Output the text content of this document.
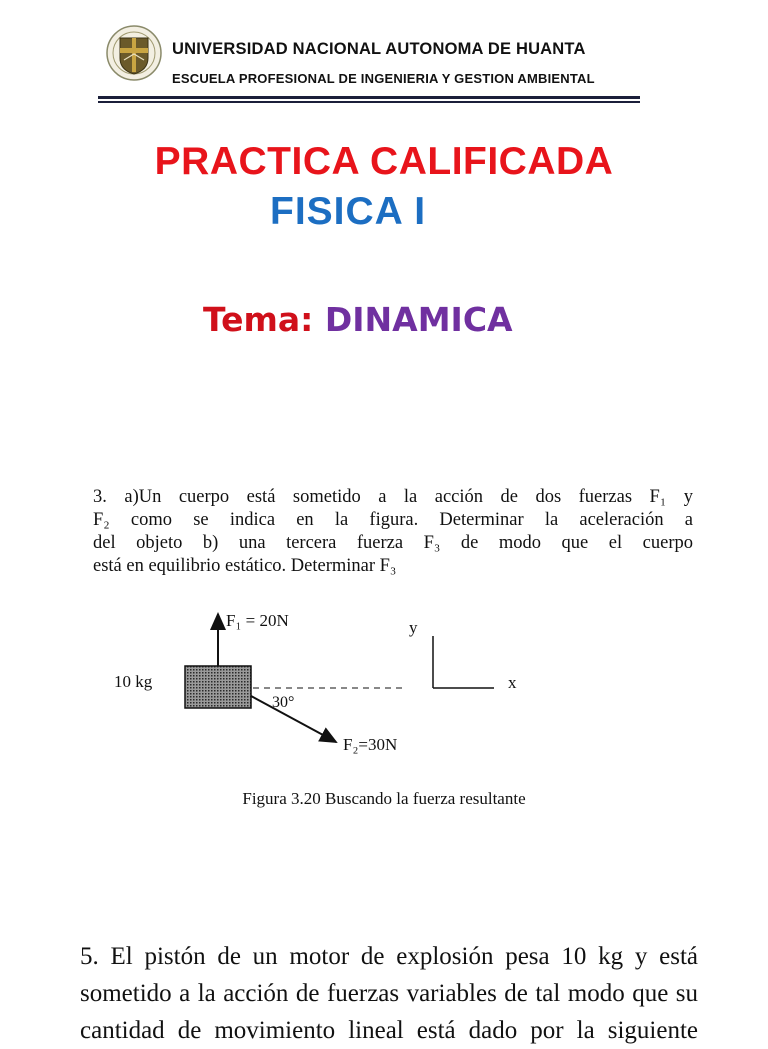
UNIVERSIDAD NACIONAL AUTONOMA DE HUANTA
ESCUELA PROFESIONAL DE INGENIERIA Y GESTION AMBIENTAL
PRACTICA CALIFICADA
FISICA I
Tema: DINAMICA
3. a)Un cuerpo está sometido a la acción de dos fuerzas F₁ y
F₂ como se indica en la figura. Determinar la aceleración a
del objeto b) una tercera fuerza F₃ de modo que el cuerpo
está en equilibrio estático. Determinar F₃
F₁ = 20N
10 kg
30°
F₂=30N
y
x
Figura 3.20 Buscando la fuerza resultante
5. El pistón de un motor de explosión pesa 10 kg y está
sometido a la acción de fuerzas variables de tal modo que su
cantidad de movimiento lineal está dado por la siguiente
